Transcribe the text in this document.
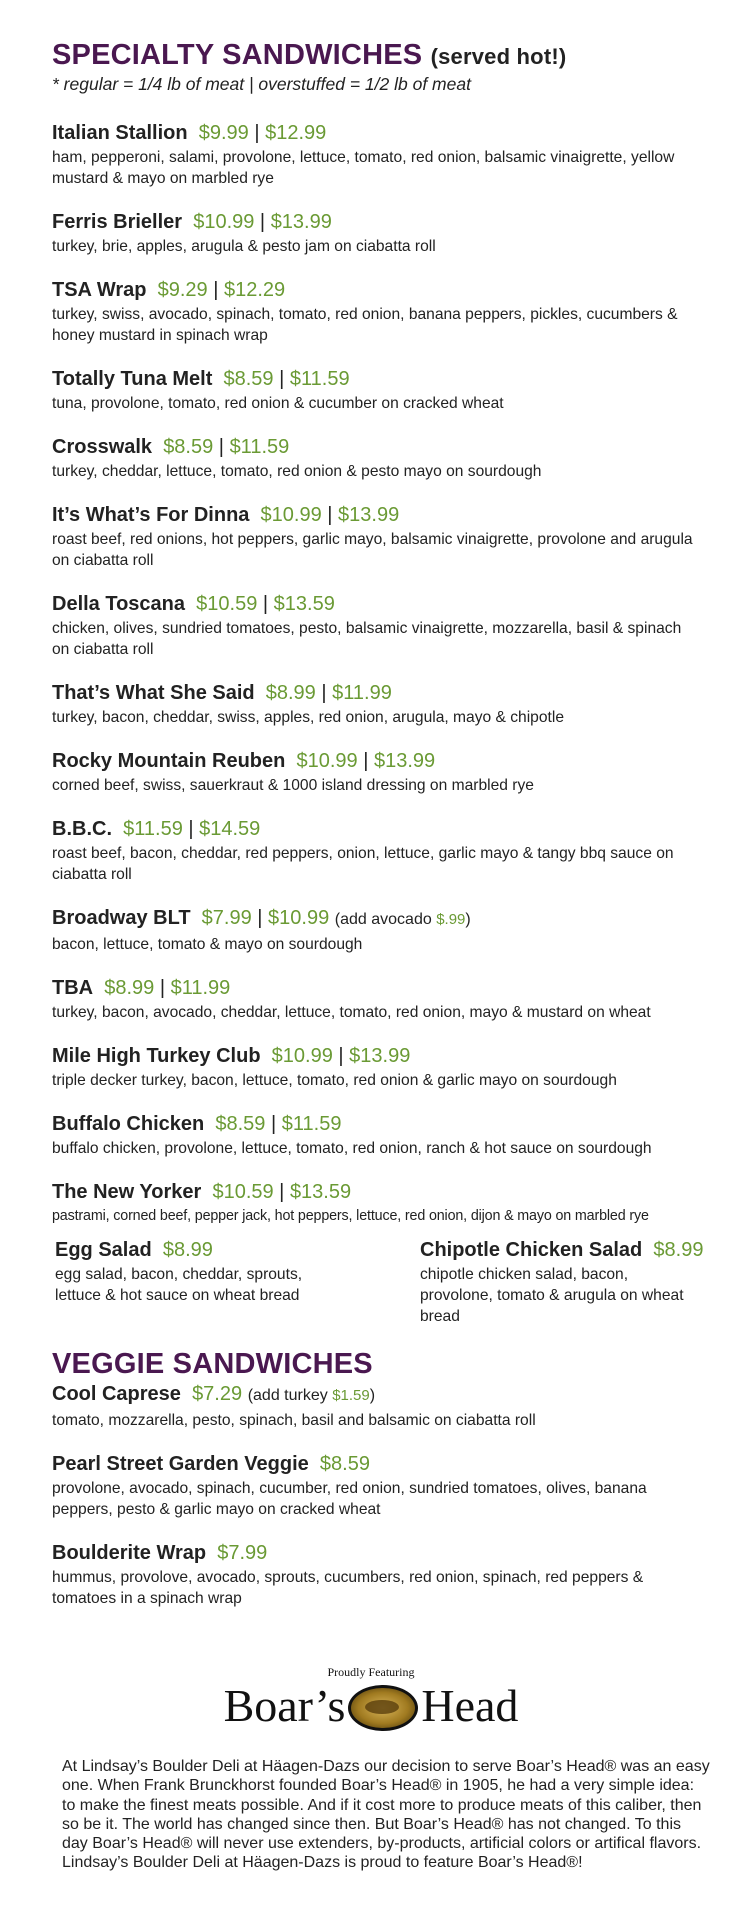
SPECIALTY SANDWICHES (served hot!)

* regular = 1/4 lb of meat | overstuffed = 1/2 lb of meat

Italian Stallion $9.99 | $12.99
ham, pepperoni, salami, provolone, lettuce, tomato, red onion, balsamic vinaigrette, yellow mustard & mayo on marbled rye
Ferris Brieller $10.99 | $13.99
turkey, brie, apples, arugula & pesto jam on ciabatta roll
TSA Wrap $9.29 | $12.29
turkey, swiss, avocado, spinach, tomato, red onion, banana peppers, pickles, cucumbers & honey mustard in spinach wrap
Totally Tuna Melt $8.59 | $11.59
tuna, provolone, tomato, red onion & cucumber on cracked wheat
Crosswalk $8.59 | $11.59
turkey, cheddar, lettuce, tomato, red onion & pesto mayo on sourdough
It’s What’s For Dinna $10.99 | $13.99
roast beef, red onions, hot peppers, garlic mayo, balsamic vinaigrette, provolone and arugula on ciabatta roll
Della Toscana $10.59 | $13.59
chicken, olives, sundried tomatoes, pesto, balsamic vinaigrette, mozzarella, basil & spinach on ciabatta roll
That’s What She Said $8.99 | $11.99
turkey, bacon, cheddar, swiss, apples, red onion, arugula, mayo & chipotle
Rocky Mountain Reuben $10.99 | $13.99
corned beef, swiss, sauerkraut & 1000 island dressing on marbled rye
B.B.C. $11.59 | $14.59
roast beef, bacon, cheddar, red peppers, onion, lettuce, garlic mayo & tangy bbq sauce on ciabatta roll
Broadway BLT $7.99 | $10.99 (add avocado $.99)
bacon, lettuce, tomato & mayo on sourdough
TBA $8.99 | $11.99
turkey, bacon, avocado, cheddar, lettuce, tomato, red onion, mayo & mustard on wheat
Mile High Turkey Club $10.99 | $13.99
triple decker turkey, bacon, lettuce, tomato, red onion & garlic mayo on sourdough
Buffalo Chicken $8.59 | $11.59
buffalo chicken, provolone, lettuce, tomato, red onion, ranch & hot sauce on sourdough
The New Yorker $10.59 | $13.59
pastrami, corned beef, pepper jack, hot peppers, lettuce, red onion, dijon & mayo on marbled rye
Egg Salad $8.99
egg salad, bacon, cheddar, sprouts, lettuce & hot sauce on wheat bread
Chipotle Chicken Salad $8.99
chipotle chicken salad, bacon, provolone, tomato & arugula on wheat bread
VEGGIE SANDWICHES
Cool Caprese $7.29 (add turkey $1.59)
tomato, mozzarella, pesto, spinach, basil and balsamic on ciabatta roll
Pearl Street Garden Veggie $8.59
provolone, avocado, spinach, cucumber, red onion, sundried tomatoes, olives, banana peppers, pesto & garlic mayo on cracked wheat
Boulderite Wrap $7.99
hummus, provolove, avocado, sprouts, cucumbers, red onion, spinach, red peppers & tomatoes in a spinach wrap
Proudly Featuring
Boar’s Head
At Lindsay’s Boulder Deli at Häagen-Dazs our decision to serve Boar’s Head® was an easy one. When Frank Brunckhorst founded Boar’s Head® in 1905, he had a very simple idea: to make the finest meats possible. And if it cost more to produce meats of this caliber, then so be it. The world has changed since then. But Boar’s Head® has not changed. To this day Boar’s Head® will never use extenders, by-products, artificial colors or artifical flavors. Lindsay’s Boulder Deli at Häagen-Dazs is proud to feature Boar’s Head®!
